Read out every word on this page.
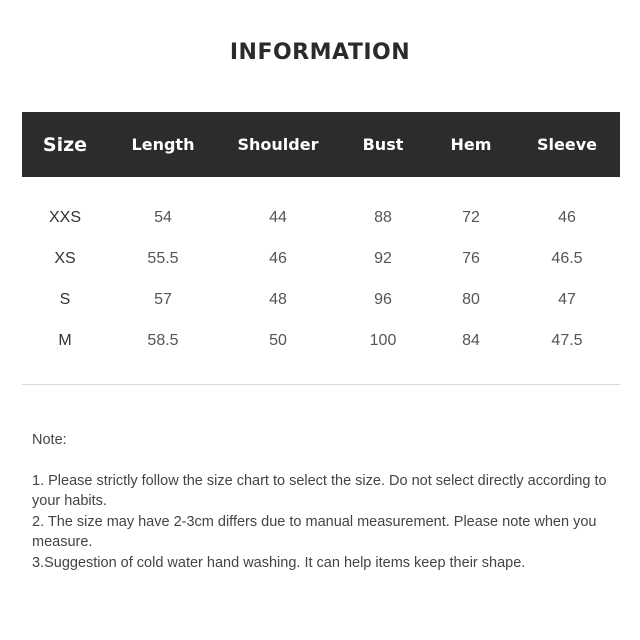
INFORMATION
Size	Length	Shoulder	Bust	Hem	Sleeve
XXS	54	44	88	72	46
XS	55.5	46	92	76	46.5
S	57	48	96	80	47
M	58.5	50	100	84	47.5
Note:

1. Please strictly follow the size chart to select the size. Do not select directly according to your habits.

2. The size may have 2-3cm differs due to manual measurement. Please note when you measure.

3.Suggestion of cold water hand washing. It can help items keep their shape.
